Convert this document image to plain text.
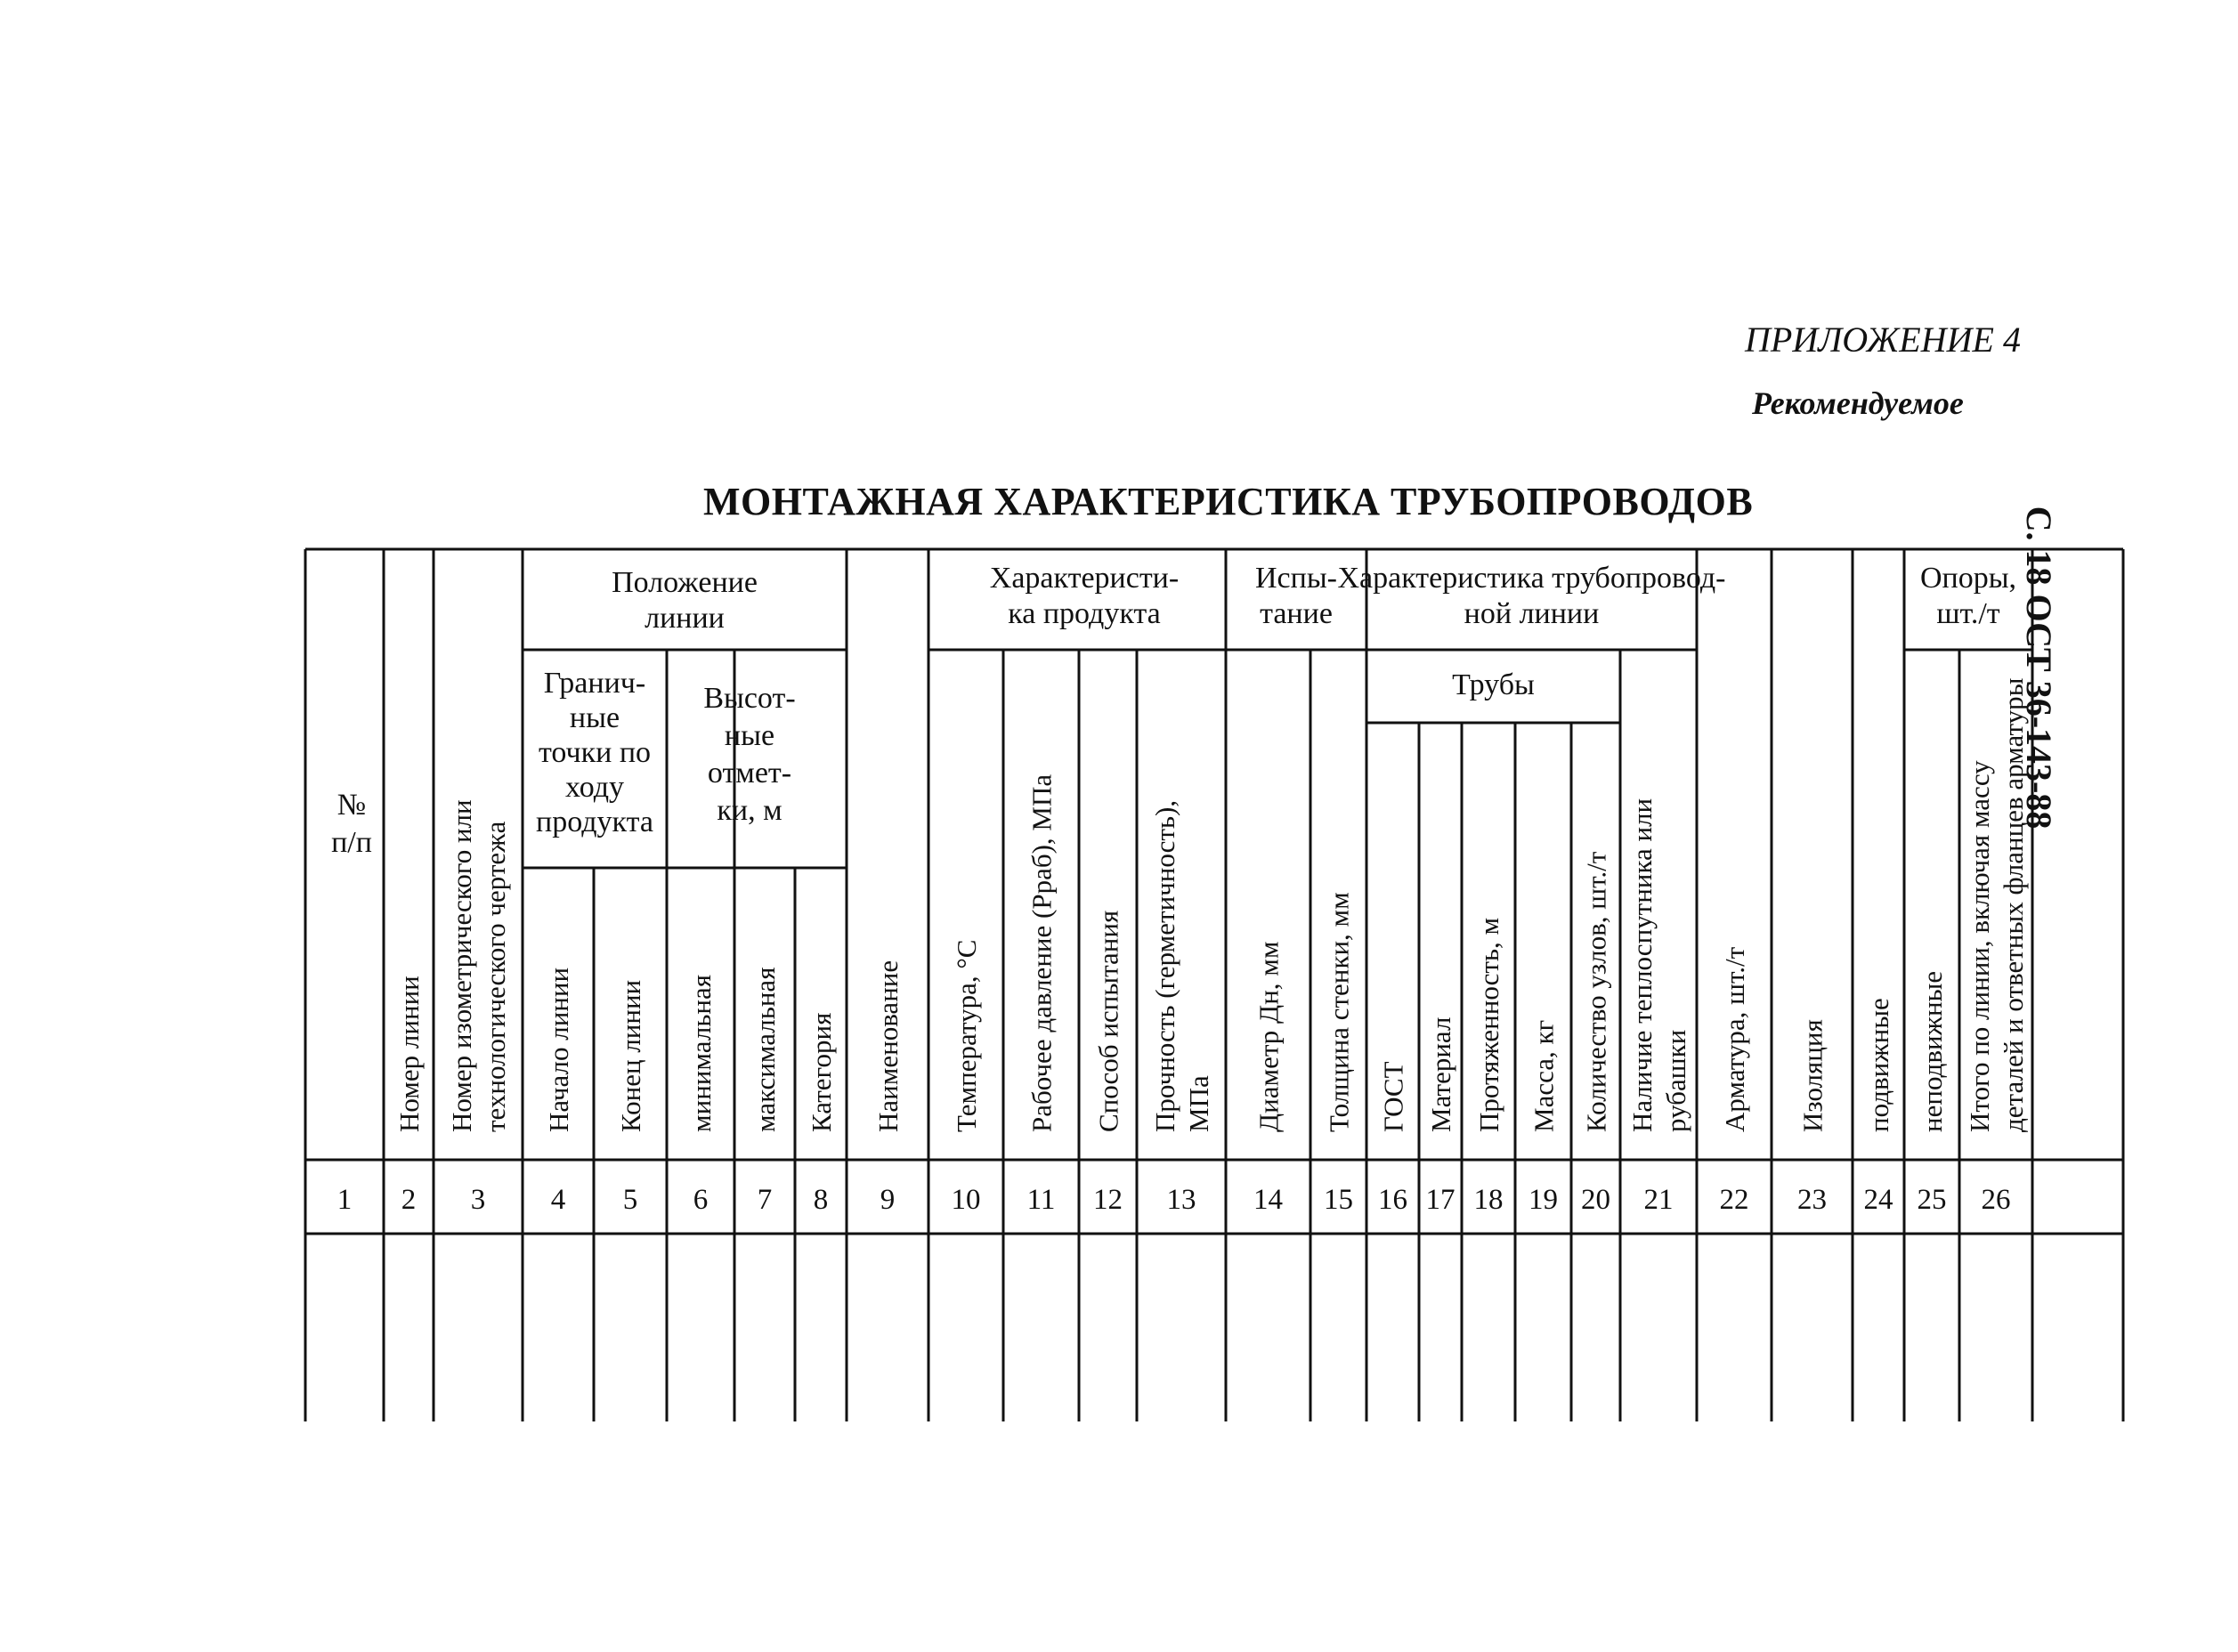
ПРИЛОЖЕНИЕ 4
Рекомендуемое
С. 18 ОСТ 36-143-88
МОНТАЖНАЯ ХАРАКТЕРИСТИКА ТРУБОПРОВОДОВ
Положение линии
Гранич-ные точки по ходу продукта
Высот-ные отмет-ки, м
Характеристи-ка продукта
Испы-тание
Характеристика трубопровод-ной линии
Опоры, шт./т
Трубы
№ п/п
Номер линии Номер изометрического илитехнологического чертежа Начало линии Конец линии минимальная максимальная Категория Наименование Температура, °С Рабочее давление (Pраб), МПа Способ испытания Прочность (герметичность),МПа Диаметр Дн, мм Толщина стенки, мм ГОСТ Материал Протяженность, м Масса, кг Количество узлов, шт./т Наличие теплоспутника илирубашки Арматура, шт./т Изоляция подвижные неподвижные Итого по линии, включая массудеталей и ответных фланцев арматуры
1 2 3 4 5 6 7 8 9 10 11 12 13 14 15 16 17 18 19 20 21 22 23 24 25 26
